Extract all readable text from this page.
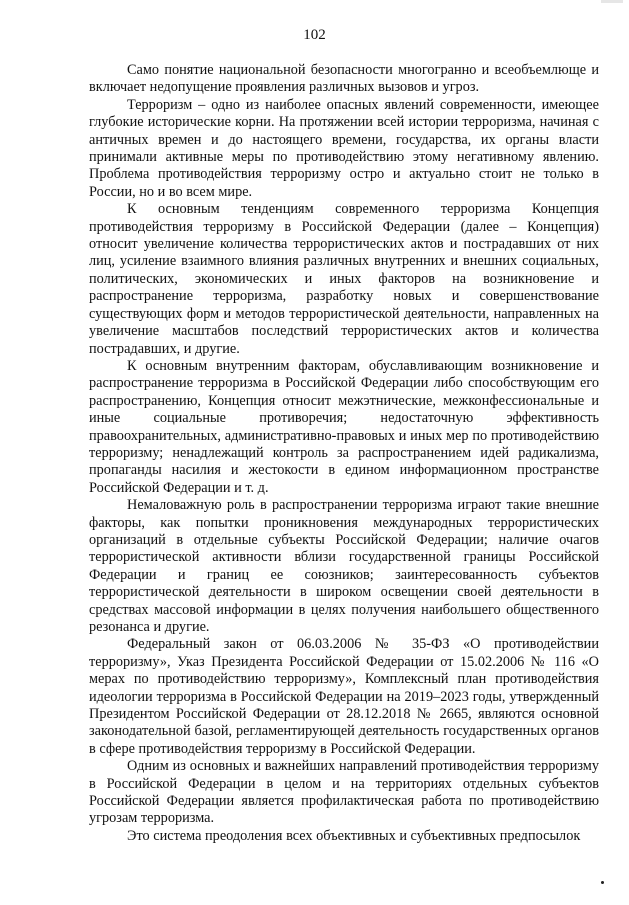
102

Само понятие национальной безопасности многогранно и всеобъемлюще и включает недопущение проявления различных вызовов и угроз.

Терроризм – одно из наиболее опасных явлений современности, имеющее глубокие исторические корни. На протяжении всей истории терроризма, начиная с античных времен и до настоящего времени, государства, их органы власти принимали активные меры по противодействию этому негативному явлению. Проблема противодействия терроризму остро и актуально стоит не только в России, но и во всем мире.

К основным тенденциям современного терроризма Концепция противодействия терроризму в Российской Федерации (далее – Концепция) относит увеличение количества террористических актов и пострадавших от них лиц, усиление взаимного влияния различных внутренних и внешних социальных, политических, экономических и иных факторов на возникновение и распространение терроризма, разработку новых и совершенствование существующих форм и методов террористической деятельности, направленных на увеличение масштабов последствий террористических актов и количества пострадавших, и другие.

К основным внутренним факторам, обуславливающим возникновение и распространение терроризма в Российской Федерации либо способствующим его распространению, Концепция относит межэтнические, межконфессиональные и иные социальные противоречия; недостаточную эффективность правоохранительных, административно-правовых и иных мер по противодействию терроризму; ненадлежащий контроль за распространением идей радикализма, пропаганды насилия и жестокости в едином информационном пространстве Российской Федерации и т. д.

Немаловажную роль в распространении терроризма играют такие внешние факторы, как попытки проникновения международных террористических организаций в отдельные субъекты Российской Федерации; наличие очагов террористической активности вблизи государственной границы Российской Федерации и границ ее союзников; заинтересованность субъектов террористической деятельности в широком освещении своей деятельности в средствах массовой информации в целях получения наибольшего общественного резонанса и другие.

Федеральный закон от 06.03.2006 № 35-ФЗ «О противодействии терроризму», Указ Президента Российской Федерации от 15.02.2006 № 116 «О мерах по противодействию терроризму», Комплексный план противодействия идеологии терроризма в Российской Федерации на 2019–2023 годы, утвержденный Президентом Российской Федерации от 28.12.2018 № 2665, являются основной законодательной базой, регламентирующей деятельность государственных органов в сфере противодействия терроризму в Российской Федерации.

Одним из основных и важнейших направлений противодействия терроризму в Российской Федерации в целом и на территориях отдельных субъектов Российской Федерации является профилактическая работа по противодействию угрозам терроризма.

Это система преодоления всех объективных и субъективных предпосылок
